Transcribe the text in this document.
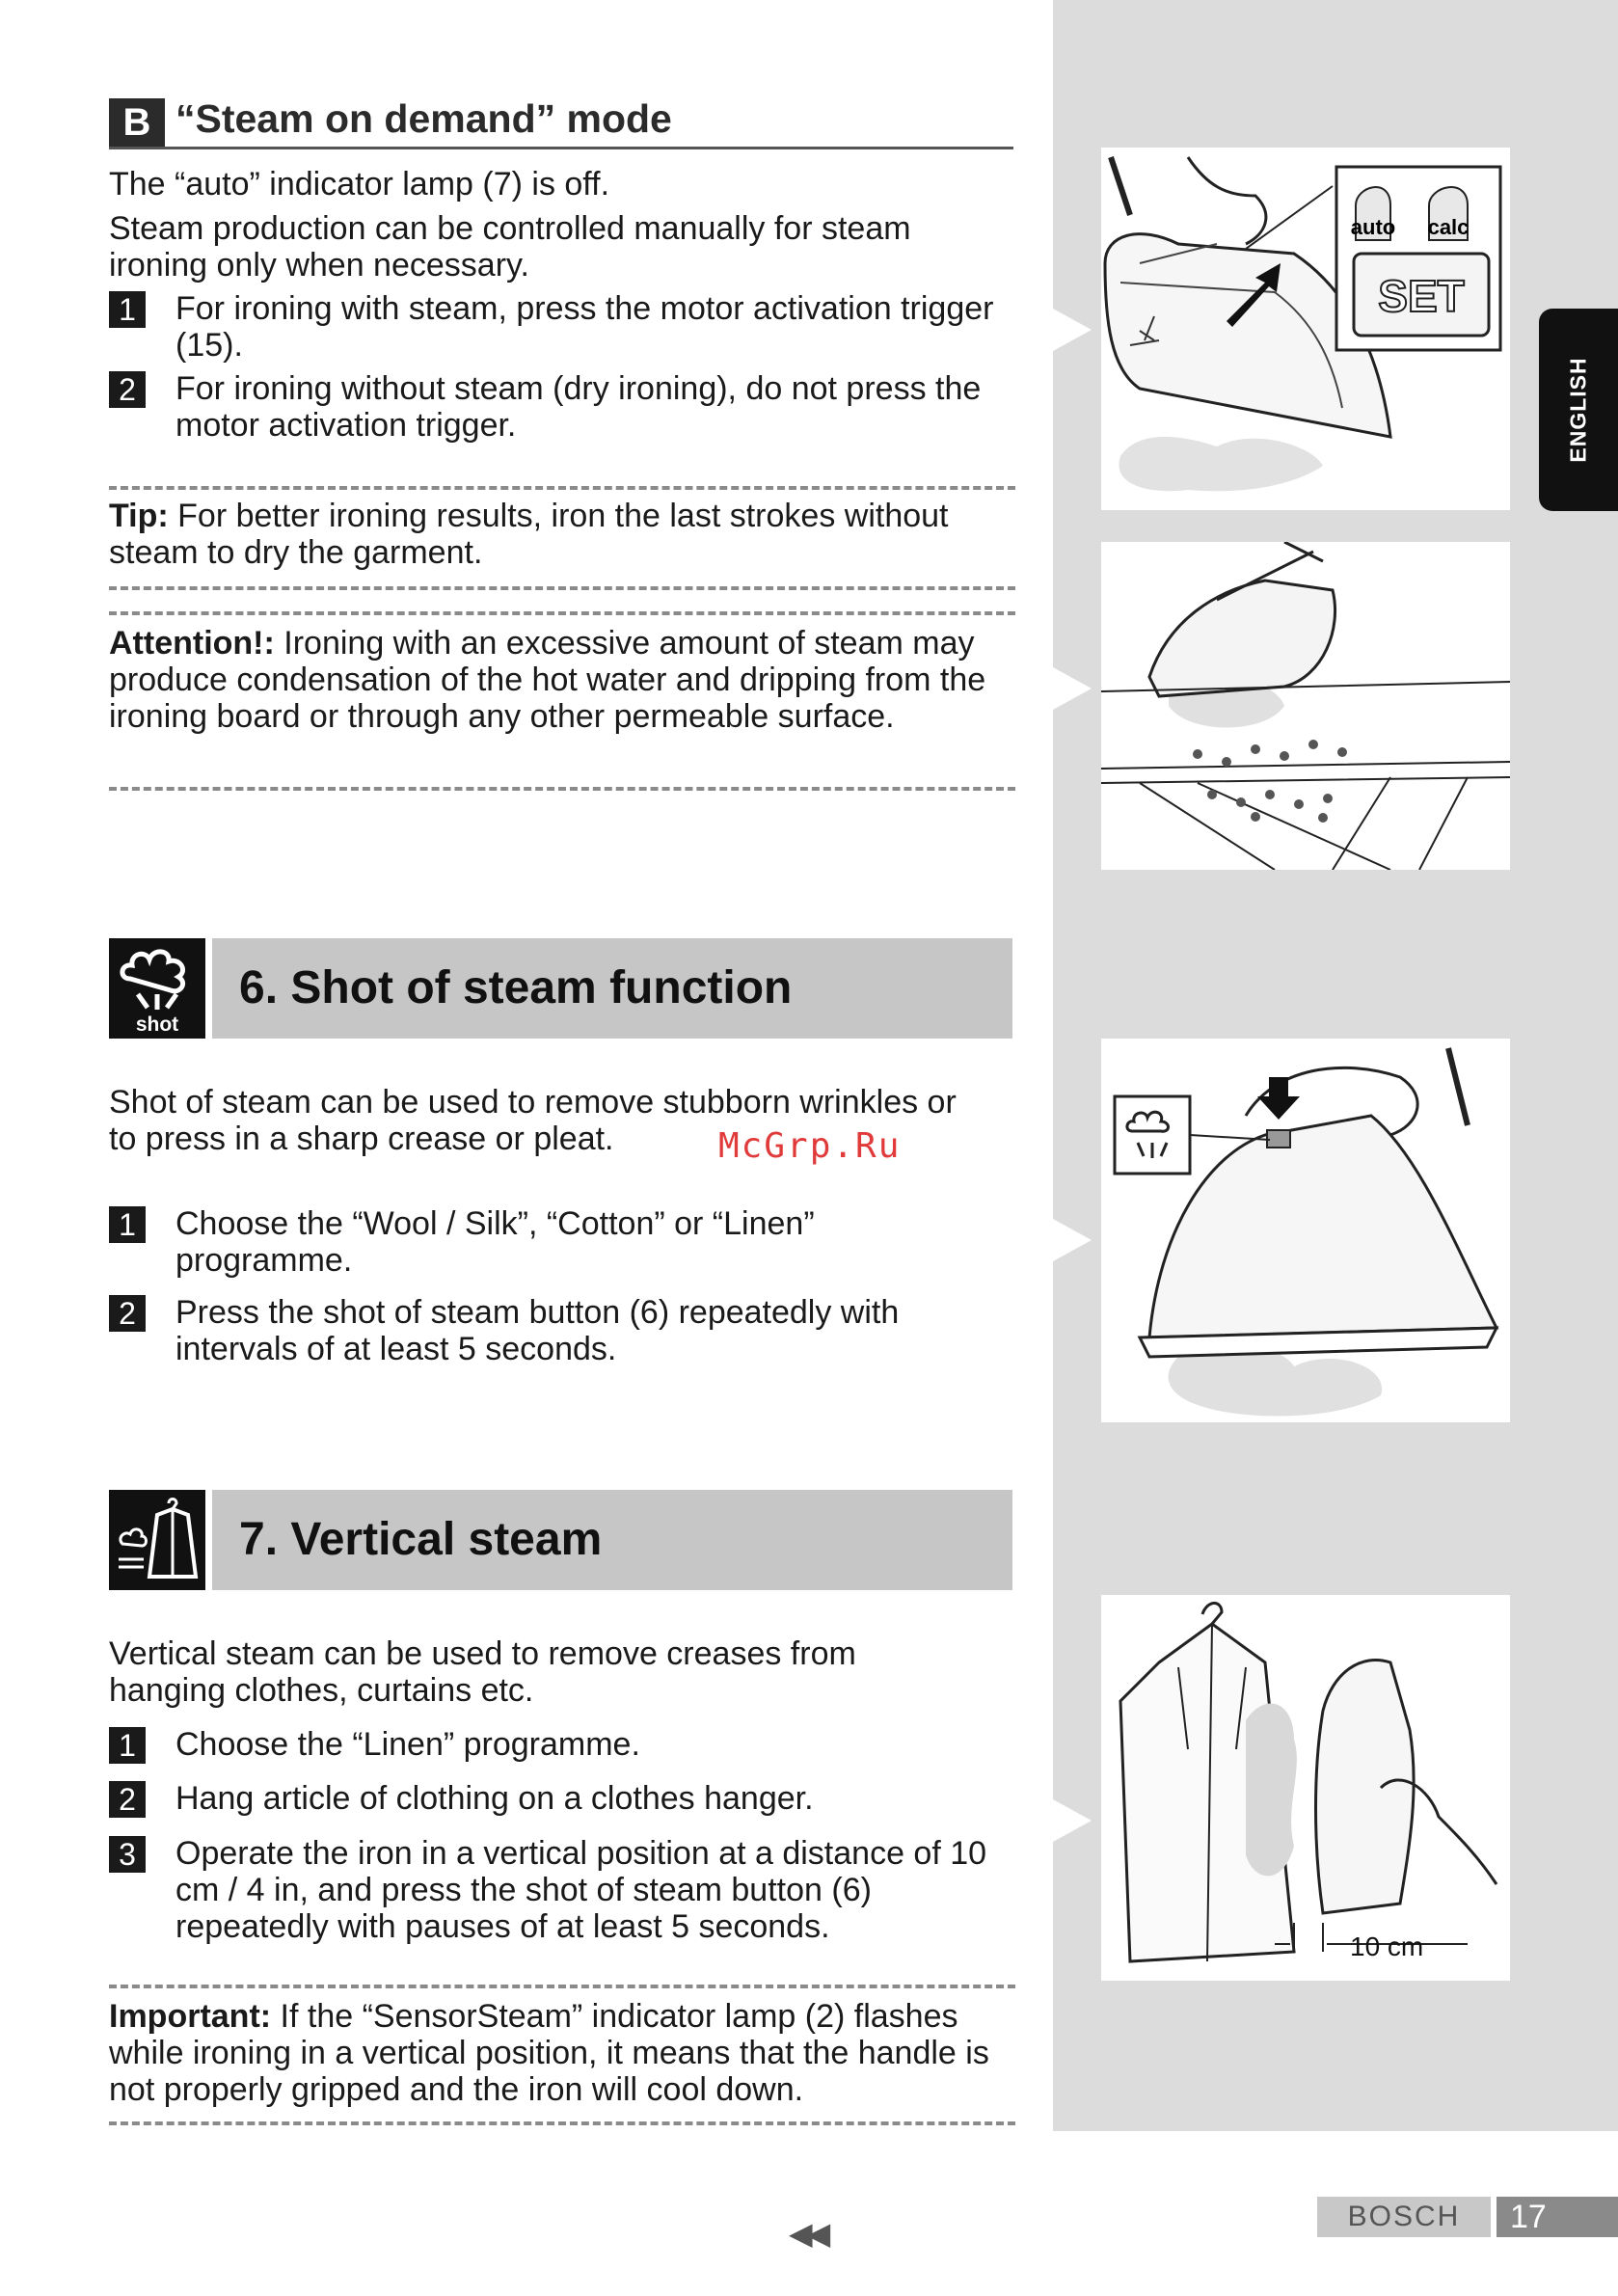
ENGLISH
B “Steam on demand” mode
The “auto” indicator lamp (7) is off.
Steam production can be controlled manually for steam ironing only when necessary.
1 For ironing with steam, press the motor activation trigger (15).
2 For ironing without steam (dry ironing), do not press the motor activation trigger.
Tip: For better ironing results, iron the last strokes without steam to dry the garment.
Attention!: Ironing with an excessive amount of steam may produce condensation of the hot water and dripping from the ironing board or through any other permeable surface.
shot
6. Shot of steam function
Shot of steam can be used to remove stubborn wrinkles or to press in a sharp crease or pleat.	McGrp.Ru
1 Choose the “Wool / Silk”, “Cotton” or “Linen” programme.
2 Press the shot of steam button (6) repeatedly with intervals of at least 5 seconds.
7. Vertical steam
Vertical steam can be used to remove creases from hanging clothes, curtains etc.
1 Choose the “Linen” programme.
2 Hang article of clothing on a clothes hanger.
3 Operate the iron in a vertical position at a distance of 10 cm / 4 in, and press the shot of steam button (6) repeatedly with pauses of at least 5 seconds.
Important: If the “SensorSteam” indicator lamp (2) flashes while ironing in a vertical position, it means that the handle is not properly gripped and the iron will cool down.
auto calc
SET
10 cm
◀◀	BOSCH	17
